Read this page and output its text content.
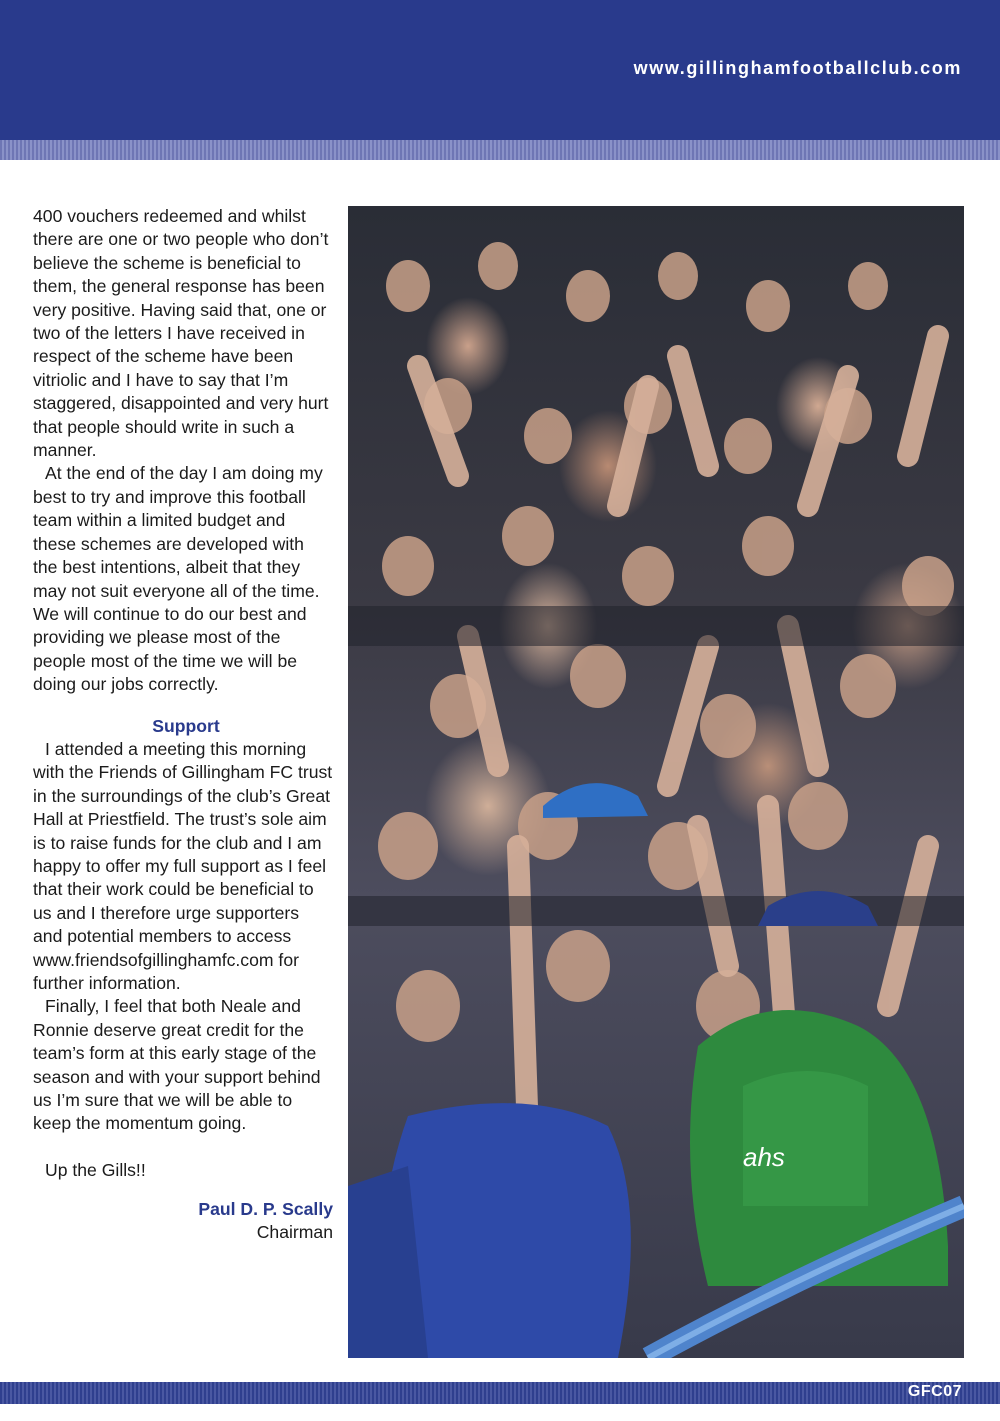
www.gillinghamfootballclub.com

400 vouchers redeemed and whilst there are one or two people who don’t believe the scheme is beneficial to them, the general response has been very positive. Having said that, one or two of the letters I have received in respect of the scheme have been vitriolic and I have to say that I’m staggered, disappointed and very hurt that people should write in such a manner.

At the end of the day I am doing my best to try and improve this football team within a limited budget and these schemes are developed with the best intentions, albeit that they may not suit everyone all of the time. We will continue to do our best and providing we please most of the people most of the time we will be doing our jobs correctly.

Support

I attended a meeting this morning with the Friends of Gillingham FC trust in the surroundings of the club’s Great Hall at Priestfield. The trust’s sole aim is to raise funds for the club and I am happy to offer my full support as I feel that their work could be beneficial to us and I therefore urge supporters and potential members to access www.friendsofgillinghamfc.com for further information.

Finally, I feel that both Neale and Ronnie deserve great credit for the team’s form at this early stage of the season and with your support behind us I’m sure that we will be able to keep the momentum going.

Up the Gills!!

Paul D. P. Scally
Chairman
ahs
GFC07
